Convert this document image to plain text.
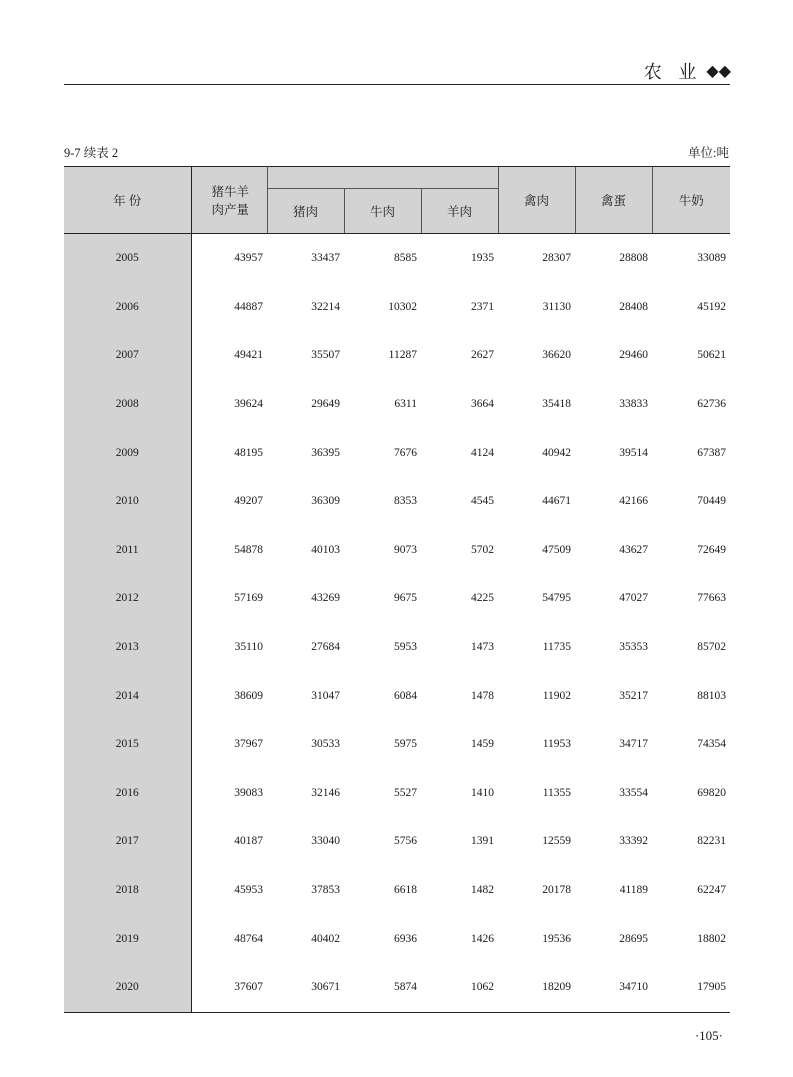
农 业 ◆◆
9-7 续表 2	单位:吨
年 份	猪牛羊
肉产量				禽肉	禽蛋	牛奶
		猪肉	牛肉	羊肉			
2005	43957	33437	8585	1935	28307	28808	33089
2006	44887	32214	10302	2371	31130	28408	45192
2007	49421	35507	11287	2627	36620	29460	50621
2008	39624	29649	6311	3664	35418	33833	62736
2009	48195	36395	7676	4124	40942	39514	67387
2010	49207	36309	8353	4545	44671	42166	70449
2011	54878	40103	9073	5702	47509	43627	72649
2012	57169	43269	9675	4225	54795	47027	77663
2013	35110	27684	5953	1473	11735	35353	85702
2014	38609	31047	6084	1478	11902	35217	88103
2015	37967	30533	5975	1459	11953	34717	74354
2016	39083	32146	5527	1410	11355	33554	69820
2017	40187	33040	5756	1391	12559	33392	82231
2018	45953	37853	6618	1482	20178	41189	62247
2019	48764	40402	6936	1426	19536	28695	18802
2020	37607	30671	5874	1062	18209	34710	17905
·105·
